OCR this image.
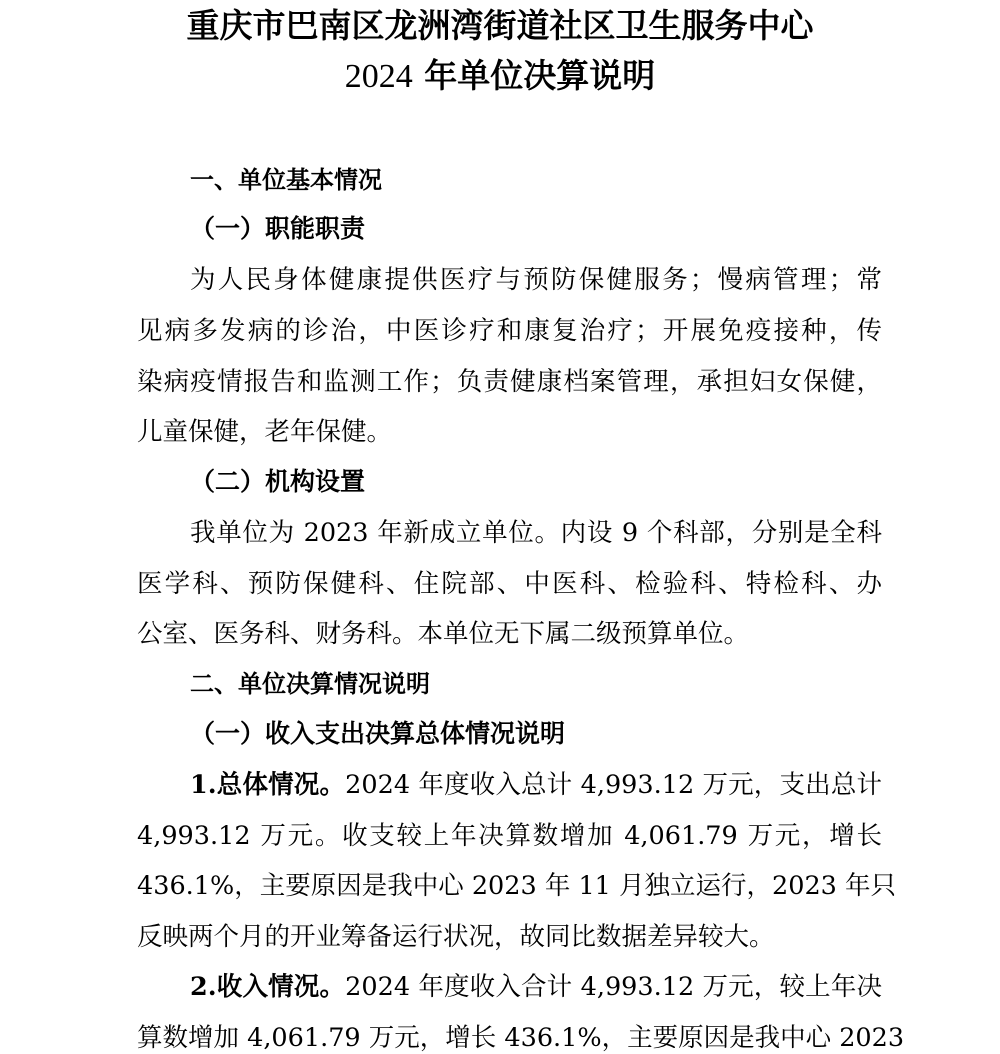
重庆市巴南区龙洲湾街道社区卫生服务中心
2024 年单位决算说明
一、单位基本情况
（一）职能职责

为人民身体健康提供医疗与预防保健服务；慢病管理；常

见病多发病的诊治，中医诊疗和康复治疗；开展免疫接种，传

染病疫情报告和监测工作；负责健康档案管理，承担妇女保健，

儿童保健，老年保健。

（二）机构设置

我单位为 2023 年新成立单位。内设 9 个科部，分别是全科

医学科、预防保健科、住院部、中医科、检验科、特检科、办

公室、医务科、财务科。本单位无下属二级预算单位。

二、单位决算情况说明
（一）收入支出决算总体情况说明

1.总体情况。2024 年度收入总计 4,993.12 万元，支出总计

4,993.12 万元。收支较上年决算数增加 4,061.79 万元，增长

436.1%，主要原因是我中心 2023 年 11 月独立运行，2023 年只

反映两个月的开业筹备运行状况，故同比数据差异较大。

2.收入情况。2024 年度收入合计 4,993.12 万元，较上年决

算数增加 4,061.79 万元，增长 436.1%，主要原因是我中心 2023
